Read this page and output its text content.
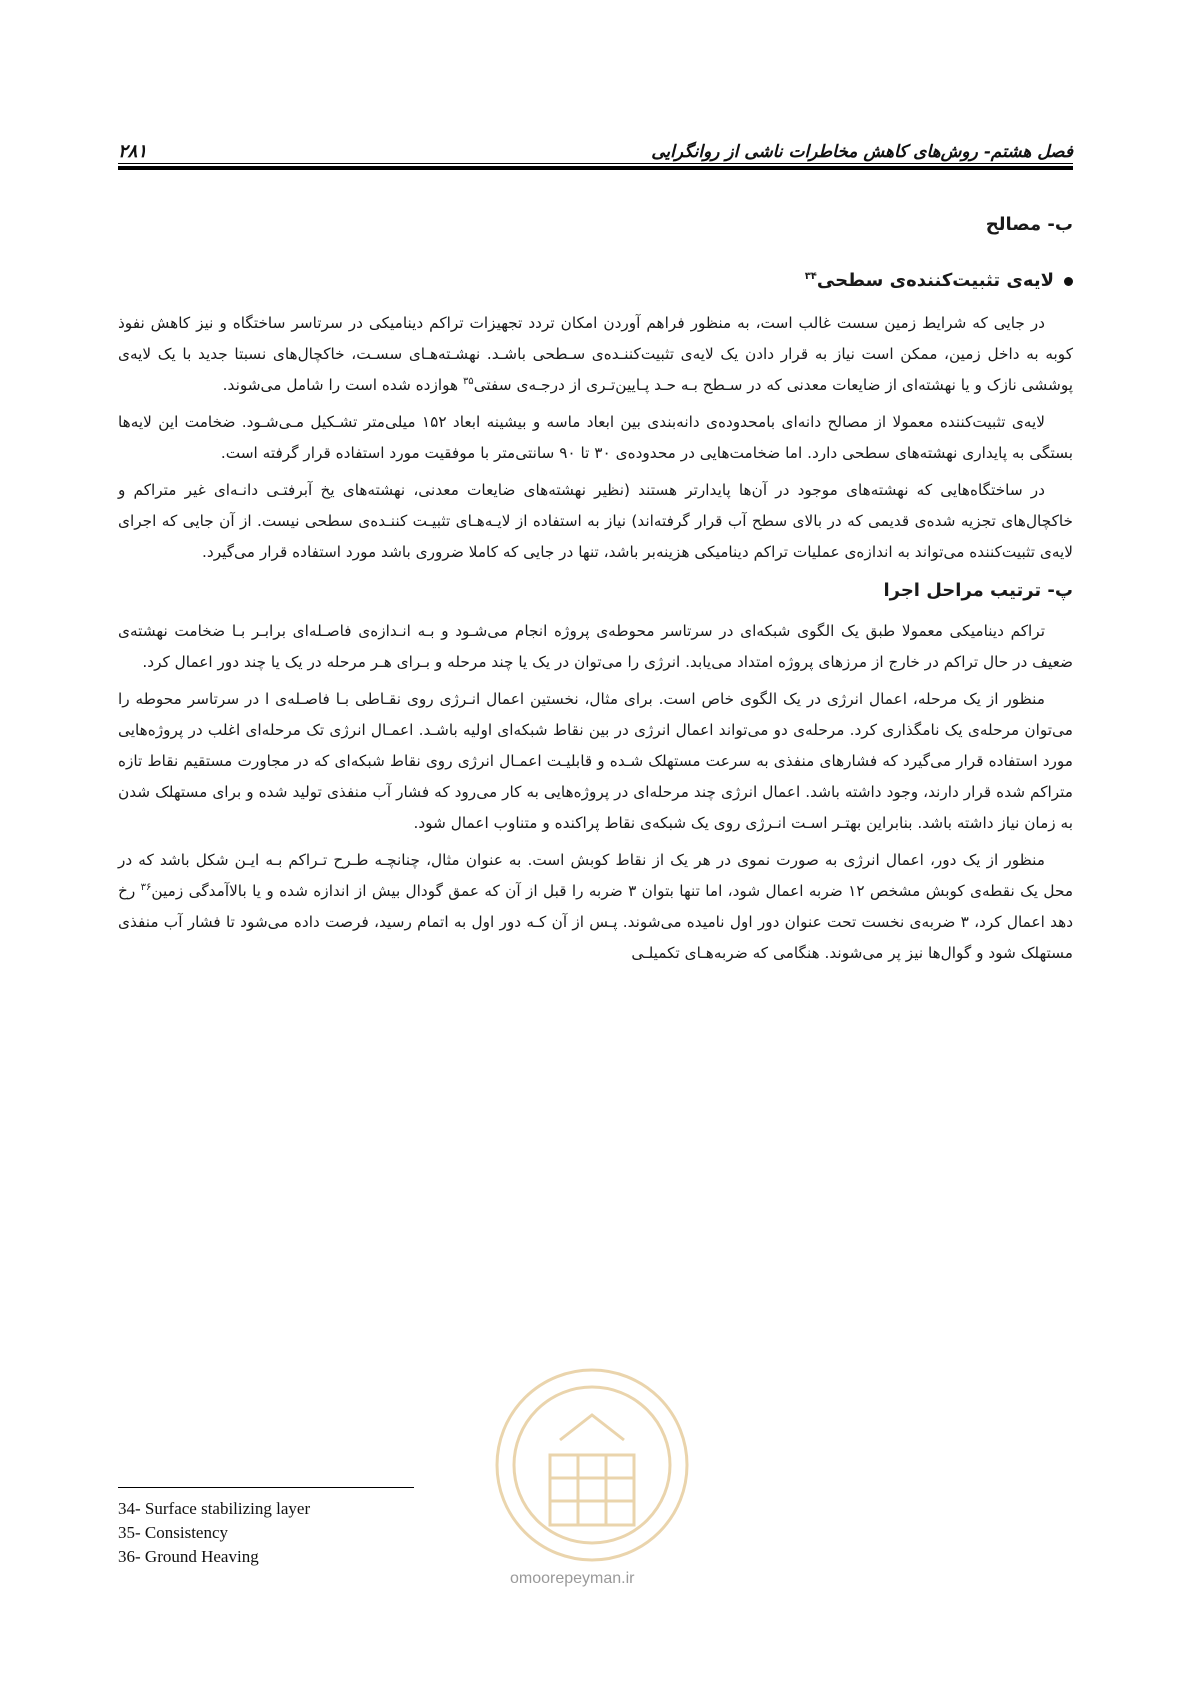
فصل هشتم- روش‌های کاهش مخاطرات ناشی از روانگرایی
۲۸۱
ب- مصالح
لایه‌ی تثبیت‌کننده‌ی سطحی$^{۳۴}$

در جایی که شرایط زمین سست غالب است، به منظور فراهم آوردن امکان تردد تجهیزات تراکم دینامیکی در سرتاسر ساختگاه و نیز کاهش نفوذ کوبه به داخل زمین، ممکن است نیاز به قرار دادن یک لایه‌ی تثبیت‌کننـده‌ی سـطحی باشـد. نهشـته‌هـای سسـت، خاکچال‌های نسبتا جدید با یک لایه‌ی پوششی نازک و یا نهشته‌ای از ضایعات معدنی که در سـطح بـه حـد پـایین‌تـری از درجـه‌ی سفتی$^{۳۵}$ هوازده شده است را شامل می‌شوند.

لایه‌ی تثبیت‌کننده معمولا از مصالح دانه‌ای بامحدوده‌ی دانه‌بندی بین ابعاد ماسه و بیشینه ابعاد ۱۵۲ میلی‌متر تشـکیل مـی‌شـود. ضخامت این لایه‌ها بستگی به پایداری نهشته‌های سطحی دارد. اما ضخامت‌هایی در محدوده‌ی ۳۰ تا ۹۰ سانتی‌متر با موفقیت مورد استفاده قرار گرفته است.

در ساختگاه‌هایی که نهشته‌های موجود در آن‌ها پایدارتر هستند (نظیر نهشته‌های ضایعات معدنی، نهشته‌های یخ آبرفتـی دانـه‌ای غیر متراکم و خاکچال‌های تجزیه شده‌ی قدیمی که در بالای سطح آب قرار گرفته‌اند) نیاز به استفاده از لایـه‌هـای تثبیـت کننـده‌ی سطحی نیست. از آن جایی که اجرای لایه‌ی تثبیت‌کننده می‌تواند به اندازه‌ی عملیات تراکم دینامیکی هزینه‌بر باشد، تنها در جایی که کاملا ضروری باشد مورد استفاده قرار می‌گیرد.

پ- ترتیب مراحل اجرا

تراکم دینامیکی معمولا طبق یک الگوی شبکه‌ای در سرتاسر محوطه‌ی پروژه انجام می‌شـود و بـه انـدازه‌ی فاصـله‌ای برابـر بـا ضخامت نهشته‌ی ضعیف در حال تراکم در خارج از مرزهای پروژه امتداد می‌یابد. انرژی را می‌توان در یک یا چند مرحله و بـرای هـر مرحله در یک یا چند دور اعمال کرد.

منظور از یک مرحله، اعمال انرژی در یک الگوی خاص است. برای مثال، نخستین اعمال انـرژی روی نقـاطی بـا فاصـله‌ی l در سرتاسر محوطه را می‌توان مرحله‌ی یک نامگذاری کرد. مرحله‌ی دو می‌تواند اعمال انرژی در بین نقاط شبکه‌ای اولیه باشـد. اعمـال انرژی تک مرحله‌ای اغلب در پروژه‌هایی مورد استفاده قرار می‌گیرد که فشارهای منفذی به سرعت مستهلک شـده و قابلیـت اعمـال انرژی روی نقاط شبکه‌ای که در مجاورت مستقیم نقاط تازه متراکم شده قرار دارند، وجود داشته باشد. اعمال انرژی چند مرحله‌ای در پروژه‌هایی به کار می‌رود که فشار آب منفذی تولید شده و برای مستهلک شدن به زمان نیاز داشته باشد. بنابراین بهتـر اسـت انـرژی روی یک شبکه‌ی نقاط پراکنده و متناوب اعمال شود.

منظور از یک دور، اعمال انرژی به صورت نموی در هر یک از نقاط کوبش است. به عنوان مثال، چنانچـه طـرح تـراکم بـه ایـن شکل باشد که در محل یک نقطه‌ی کوبش مشخص ۱۲ ضربه اعمال شود، اما تنها بتوان ۳ ضربه را قبل از آن که عمق گودال بیش از اندازه شده و یا بالاآمدگی زمین$^{۳۶}$ رخ دهد اعمال کرد، ۳ ضربه‌ی نخست تحت عنوان دور اول نامیده می‌شوند. پـس از آن کـه دور اول به اتمام رسید، فرصت داده می‌شود تا فشار آب منفذی مستهلک شود و گوال‌ها نیز پر می‌شوند. هنگامی که ضربه‌هـای تکمیلـی

34- Surface stabilizing layer
35- Consistency
36- Ground Heaving
omoorepeyman.ir
